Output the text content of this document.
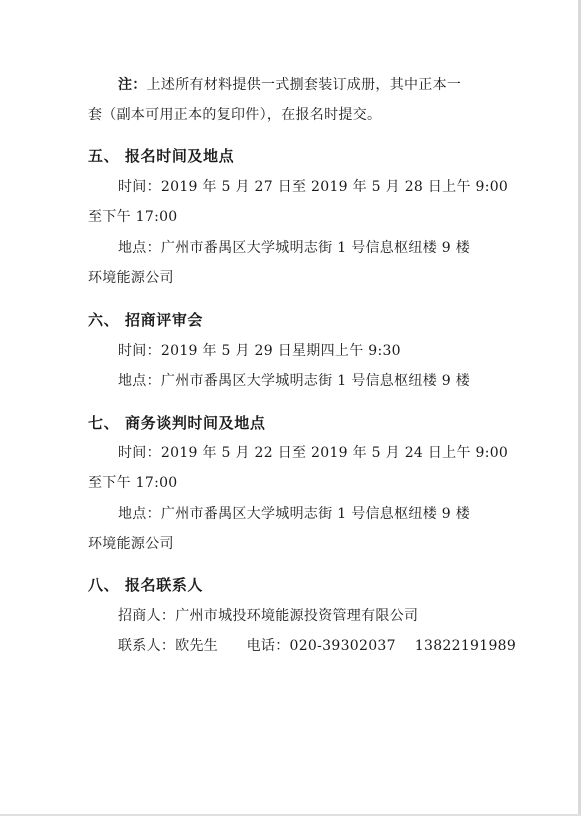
注：上述所有材料提供一式捌套装订成册，其中正本一
套（副本可用正本的复印件），在报名时提交。
五、 报名时间及地点
时间：2019 年 5 月 27 日至 2019 年 5 月 28 日上午 9:00
至下午 17:00
地点：广州市番禺区大学城明志街 1 号信息枢纽楼 9 楼
环境能源公司
六、 招商评审会
时间：2019 年 5 月 29 日星期四上午 9:30
地点：广州市番禺区大学城明志街 1 号信息枢纽楼 9 楼
七、 商务谈判时间及地点
时间：2019 年 5 月 22 日至 2019 年 5 月 24 日上午 9:00
至下午 17:00
地点：广州市番禺区大学城明志街 1 号信息枢纽楼 9 楼
环境能源公司
八、 报名联系人
招商人：广州市城投环境能源投资管理有限公司
联系人：欧先生      电话：020-39302037    13822191989
